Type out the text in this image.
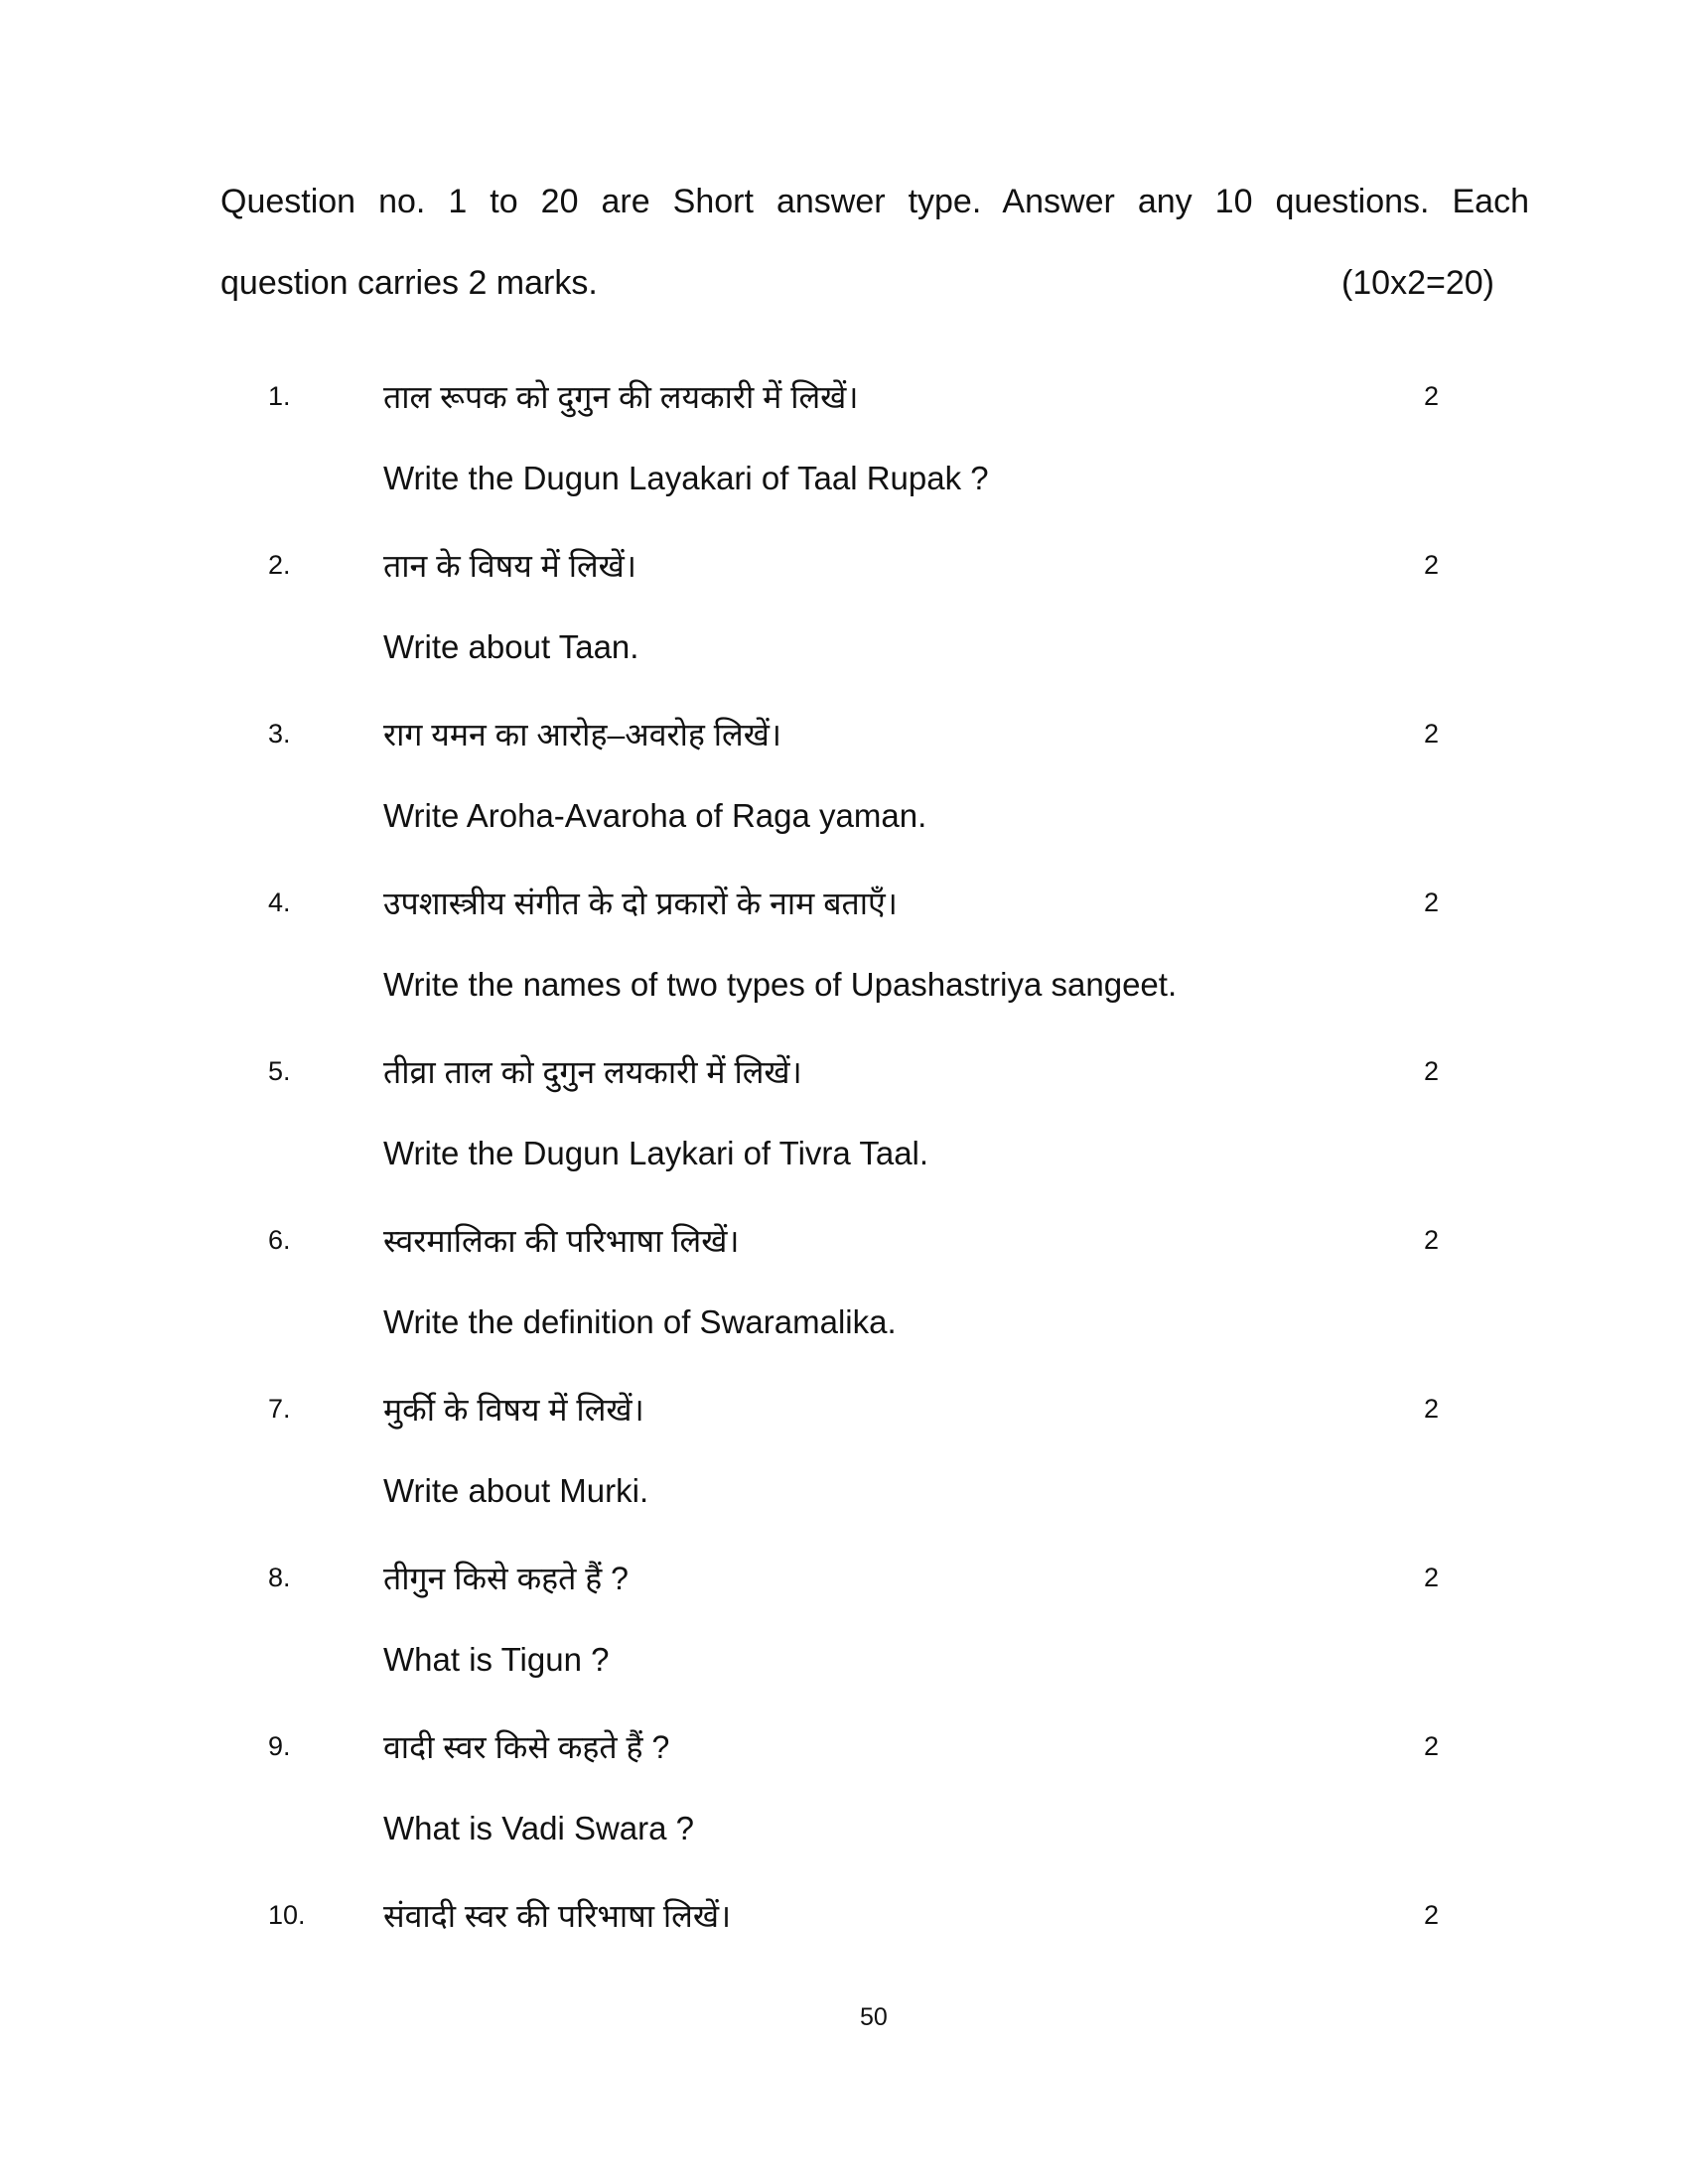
Question no. 1 to 20 are Short answer type. Answer any 10 questions. Each
question carries 2 marks.	(10x2=20)
1.	ताल रूपक को दुगुन की लयकारी में लिखें।	2
Write the Dugun Layakari of Taal Rupak ?
2.	तान के विषय में लिखें।	2
Write about Taan.
3.	राग यमन का आरोह–अवरोह लिखें।	2
Write Aroha-Avaroha of Raga yaman.
4.	उपशास्त्रीय संगीत के दो प्रकारों के नाम बताएँ।	2
Write the names of two types of Upashastriya sangeet.
5.	तीव्रा ताल को दुगुन लयकारी में लिखें।	2
Write the Dugun Laykari of Tivra Taal.
6.	स्वरमालिका की परिभाषा लिखें।	2
Write the definition of Swaramalika.
7.	मुर्की के विषय में लिखें।	2
Write about Murki.
8.	तीगुन किसे कहते हैं ?	2
What is Tigun ?
9.	वादी स्वर किसे कहते हैं ?	2
What is Vadi Swara ?
10. संवादी स्वर की परिभाषा लिखें।	2
50
